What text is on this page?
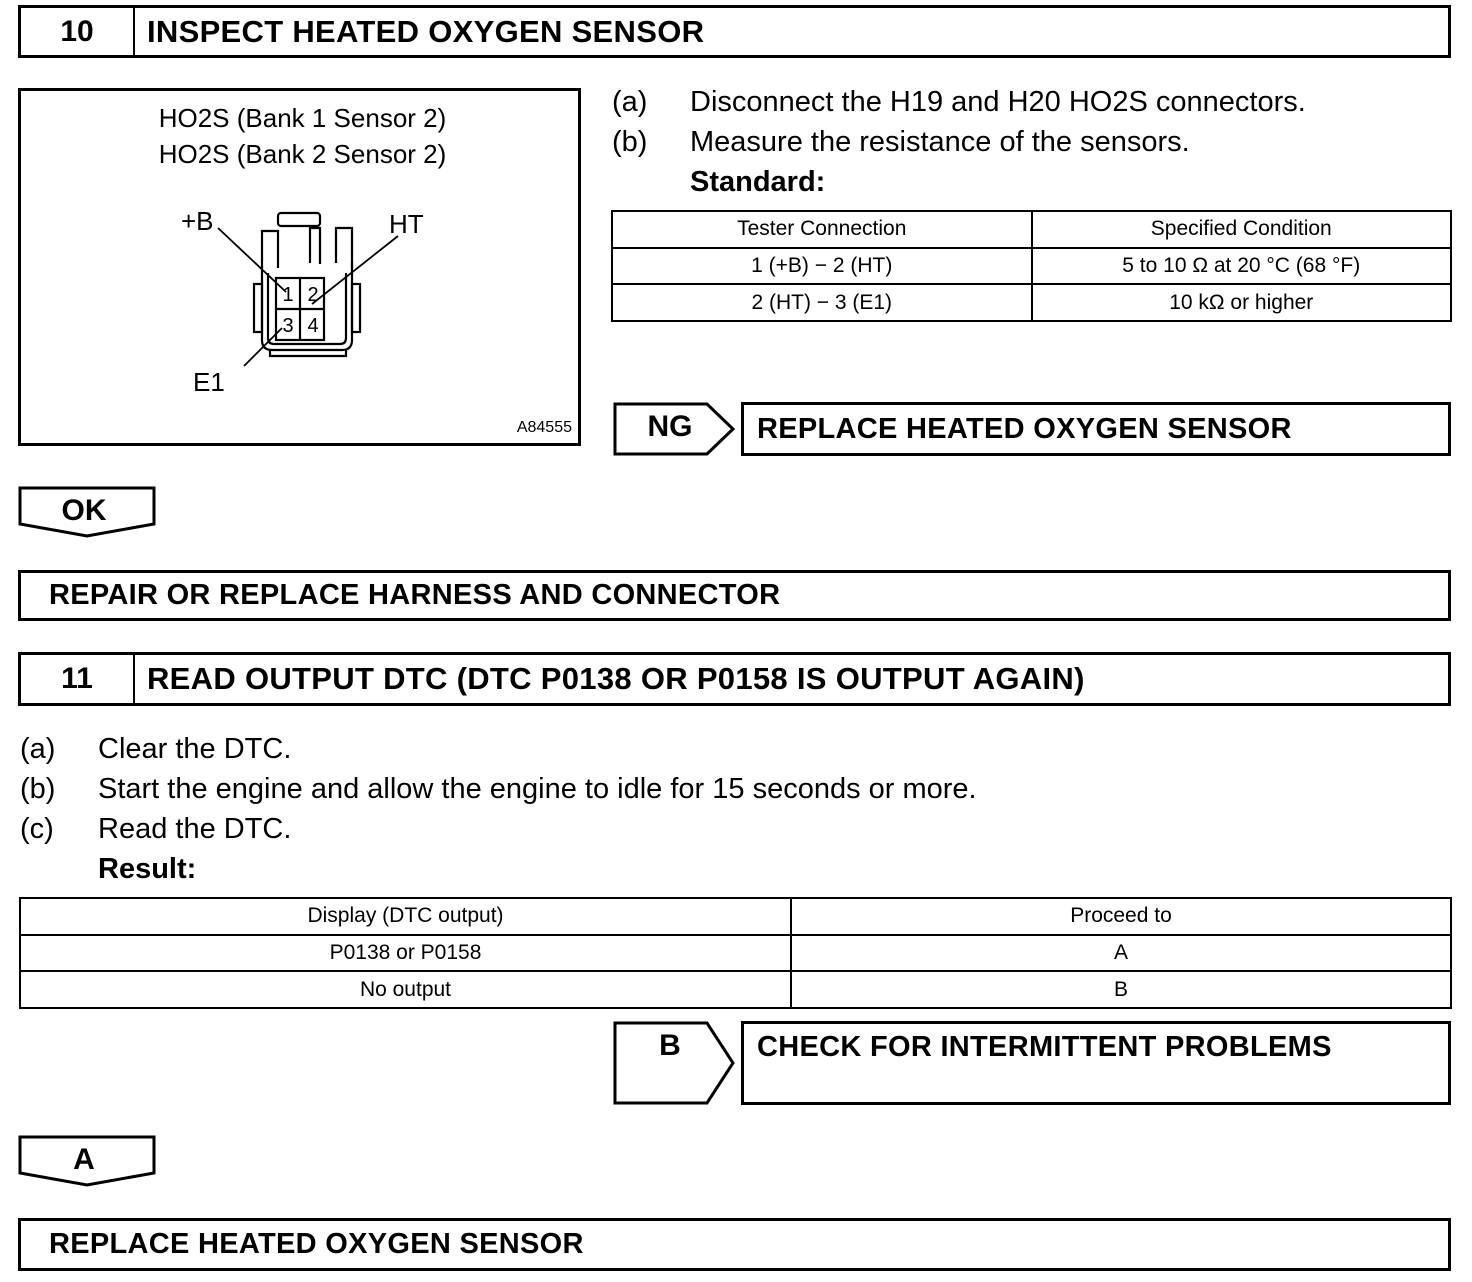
10	INSPECT HEATED OXYGEN SENSOR
HO2S (Bank 1 Sensor 2)
HO2S (Bank 2 Sensor 2)
+B	HT
E1
1 2
3 4
A84555
(a)	Disconnect the H19 and H20 HO2S connectors.
(b)	Measure the resistance of the sensors.
Standard:
Tester Connection	Specified Condition
1 (+B) − 2 (HT)	5 to 10 Ω at 20 °C (68 °F)
2 (HT) − 3 (E1)	10 kΩ or higher
NG	REPLACE HEATED OXYGEN SENSOR
OK
REPAIR OR REPLACE HARNESS AND CONNECTOR
11	READ OUTPUT DTC (DTC P0138 OR P0158 IS OUTPUT AGAIN)
(a)	Clear the DTC.
(b)	Start the engine and allow the engine to idle for 15 seconds or more.
(c)	Read the DTC.
Result:
Display (DTC output)	Proceed to
P0138 or P0158	A
No output	B
B	CHECK FOR INTERMITTENT PROBLEMS
A
REPLACE HEATED OXYGEN SENSOR
